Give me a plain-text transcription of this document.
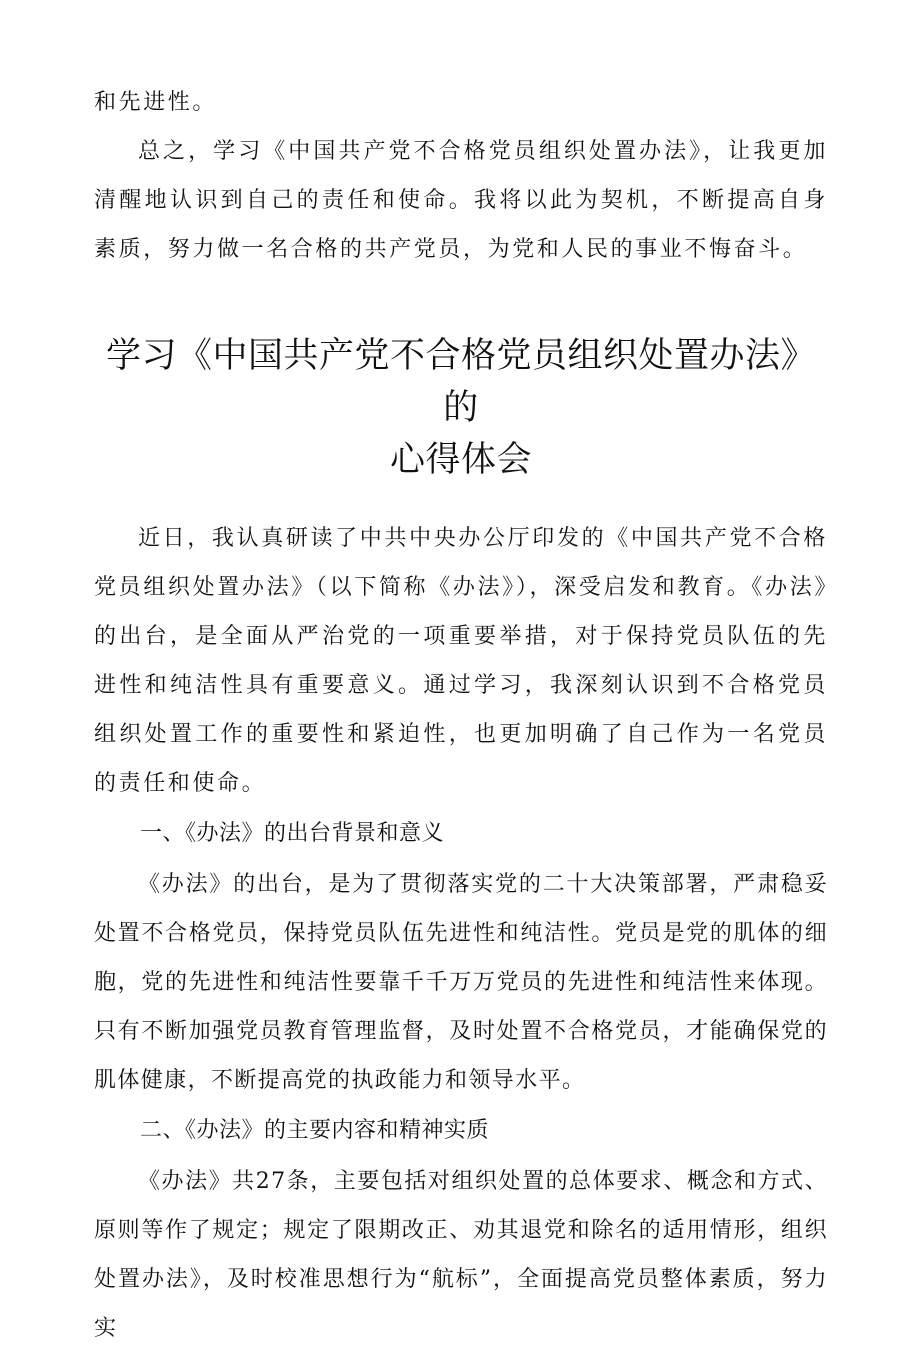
和先进性。

总之，学习《中国共产党不合格党员组织处置办法》，让我更加清醒地认识到自己的责任和使命。我将以此为契机，不断提高自身素质，努力做一名合格的共产党员，为党和人民的事业不悔奋斗。

学习《中国共产党不合格党员组织处置办法》的
心得体会

近日，我认真研读了中共中央办公厅印发的《中国共产党不合格党员组织处置办法》（以下简称《办法》），深受启发和教育。《办法》的出台，是全面从严治党的一项重要举措，对于保持党员队伍的先进性和纯洁性具有重要意义。通过学习，我深刻认识到不合格党员组织处置工作的重要性和紧迫性，也更加明确了自己作为一名党员的责任和使命。

一、《办法》的出台背景和意义

《办法》的出台，是为了贯彻落实党的二十大决策部署，严肃稳妥处置不合格党员，保持党员队伍先进性和纯洁性。党员是党的肌体的细胞，党的先进性和纯洁性要靠千千万万党员的先进性和纯洁性来体现。只有不断加强党员教育管理监督，及时处置不合格党员，才能确保党的肌体健康，不断提高党的执政能力和领导水平。

二、《办法》的主要内容和精神实质

《办法》共27条，主要包括对组织处置的总体要求、概念和方式、原则等作了规定；规定了限期改正、劝其退党和除名的适用情形，组织处置办法》，及时校准思想行为“航标”，全面提高党员整体素质，努力实
